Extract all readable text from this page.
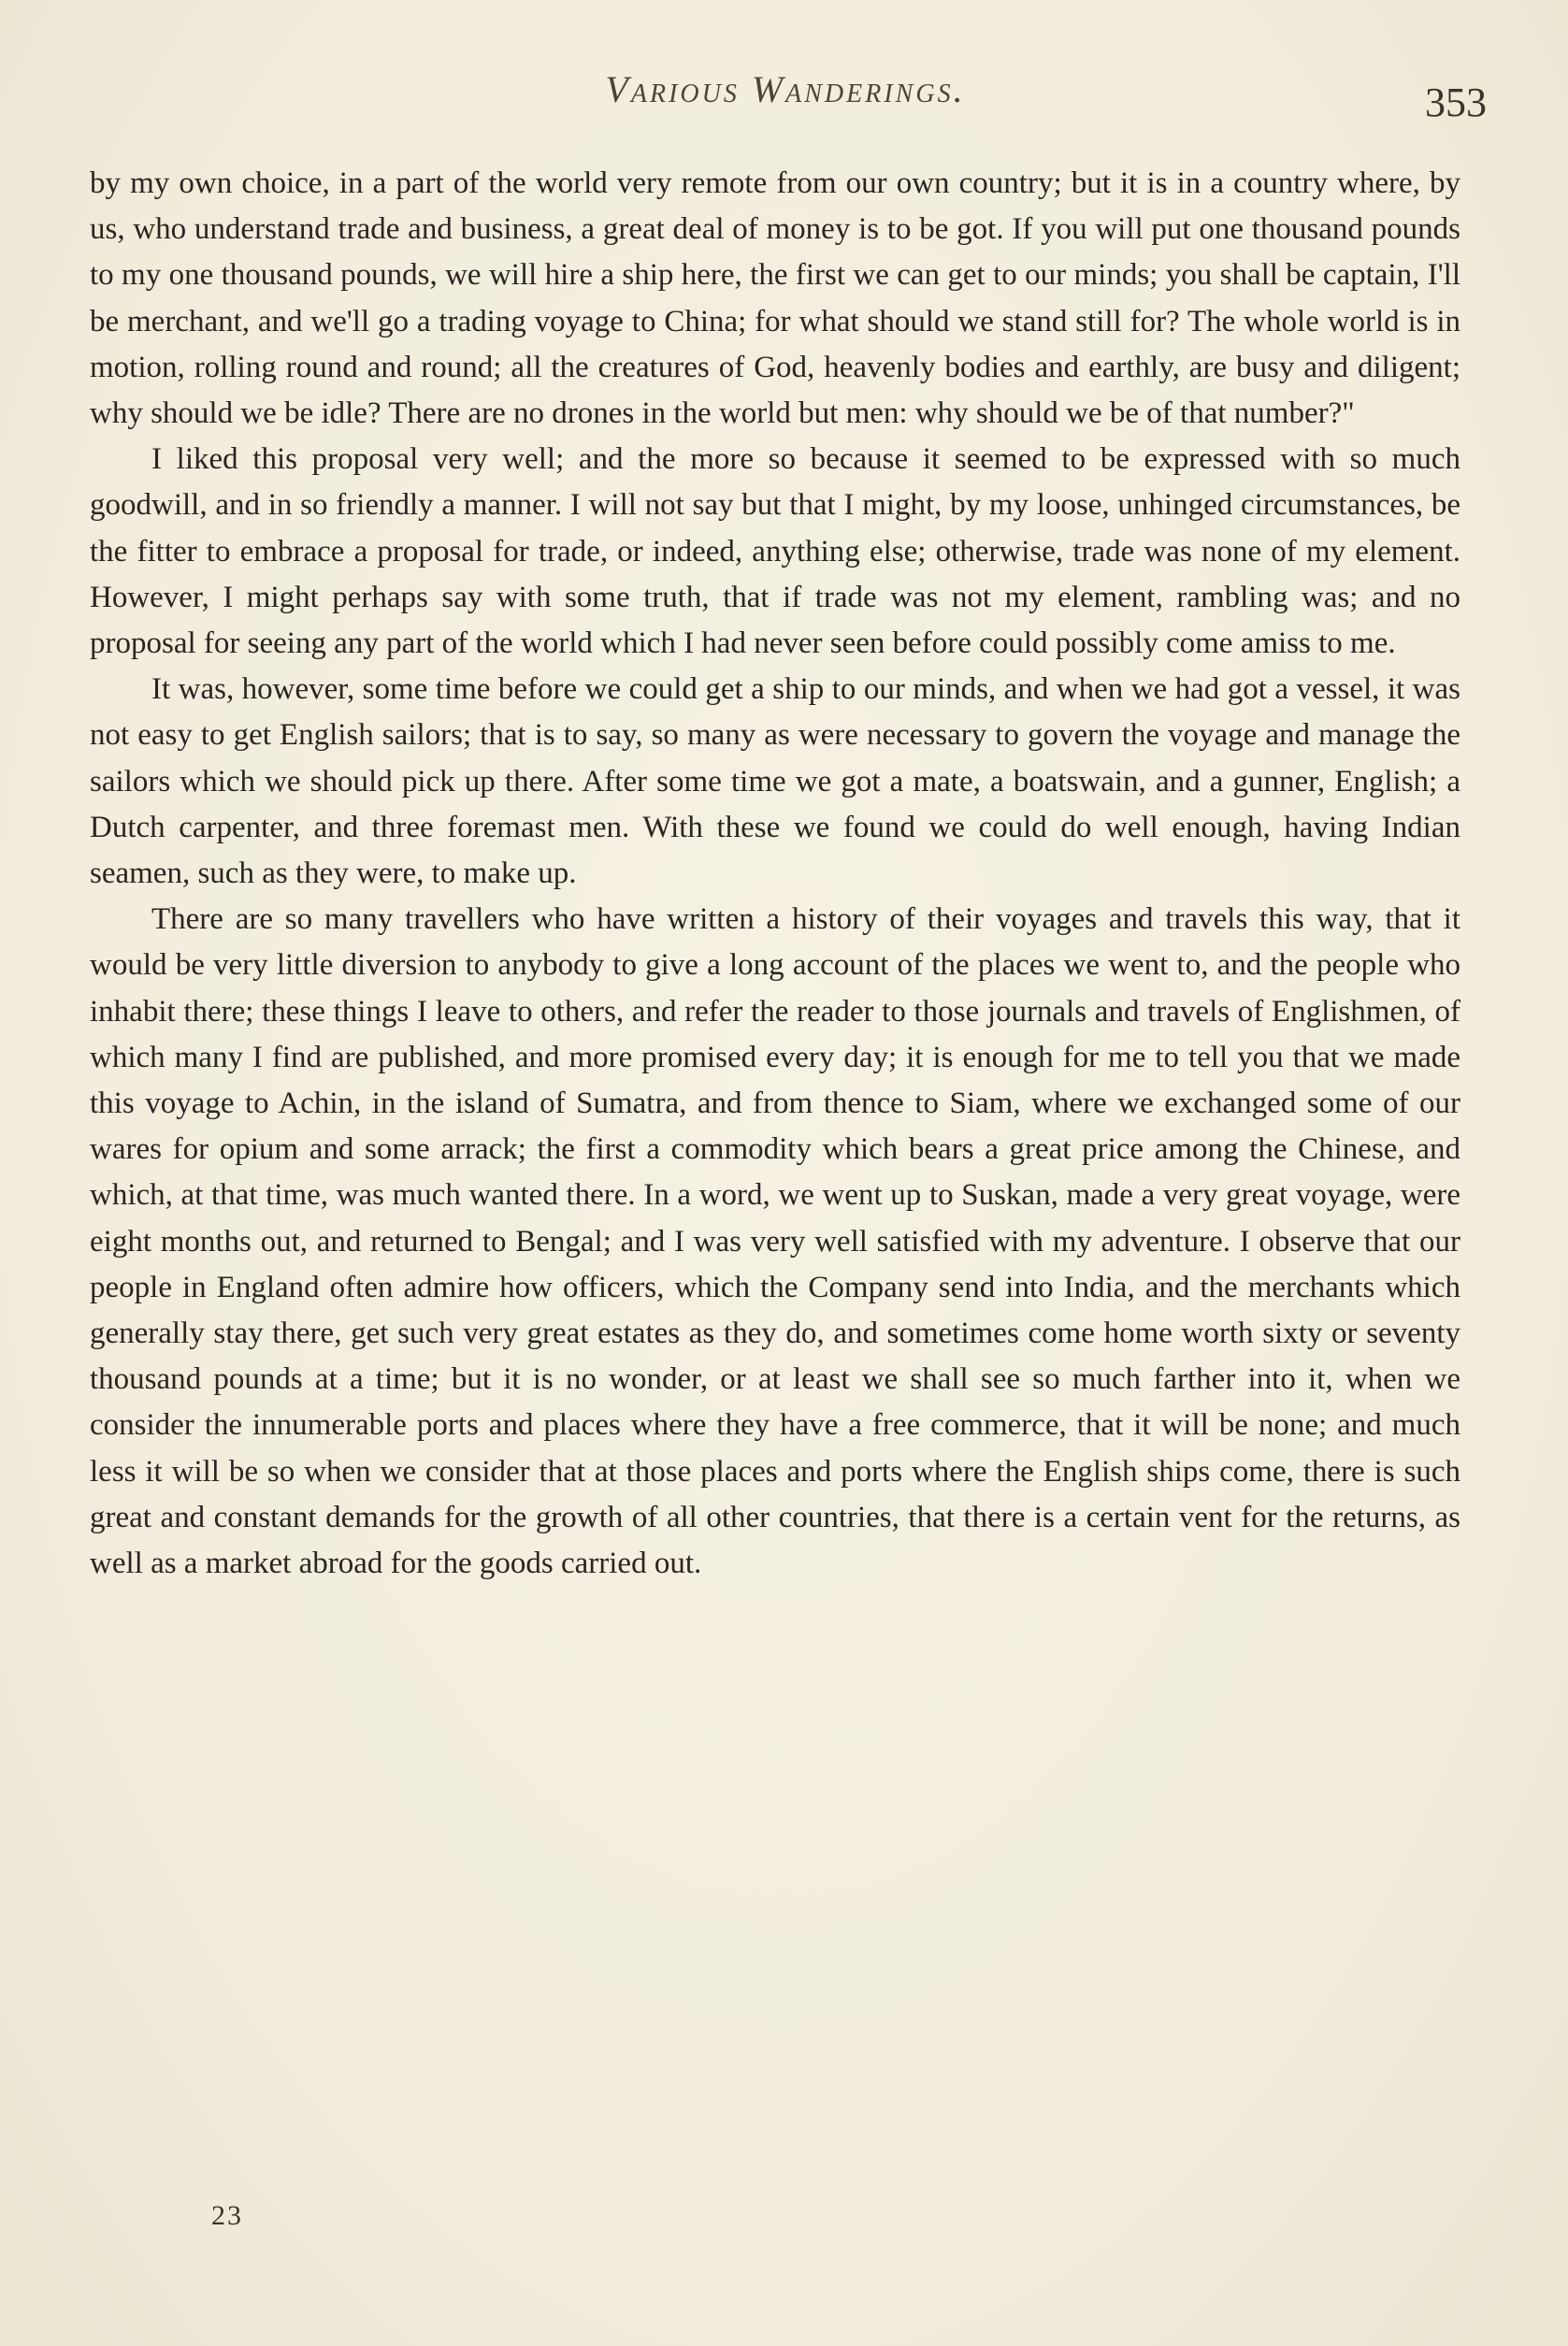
Various Wanderings.	353

by my own choice, in a part of the world very remote from our own country; but it is in a country where, by us, who understand trade and business, a great deal of money is to be got. If you will put one thousand pounds to my one thousand pounds, we will hire a ship here, the first we can get to our minds; you shall be captain, I'll be merchant, and we'll go a trading voyage to China; for what should we stand still for? The whole world is in motion, rolling round and round; all the creatures of God, heavenly bodies and earthly, are busy and diligent; why should we be idle? There are no drones in the world but men: why should we be of that number?"

I liked this proposal very well; and the more so because it seemed to be expressed with so much goodwill, and in so friendly a manner. I will not say but that I might, by my loose, unhinged circumstances, be the fitter to embrace a proposal for trade, or indeed, anything else; otherwise, trade was none of my element. However, I might perhaps say with some truth, that if trade was not my element, rambling was; and no proposal for seeing any part of the world which I had never seen before could possibly come amiss to me.

It was, however, some time before we could get a ship to our minds, and when we had got a vessel, it was not easy to get English sailors; that is to say, so many as were necessary to govern the voyage and manage the sailors which we should pick up there. After some time we got a mate, a boatswain, and a gunner, English; a Dutch carpenter, and three foremast men. With these we found we could do well enough, having Indian seamen, such as they were, to make up.

There are so many travellers who have written a history of their voyages and travels this way, that it would be very little diversion to anybody to give a long account of the places we went to, and the people who inhabit there; these things I leave to others, and refer the reader to those journals and travels of Englishmen, of which many I find are published, and more promised every day; it is enough for me to tell you that we made this voyage to Achin, in the island of Sumatra, and from thence to Siam, where we exchanged some of our wares for opium and some arrack; the first a commodity which bears a great price among the Chinese, and which, at that time, was much wanted there. In a word, we went up to Suskan, made a very great voyage, were eight months out, and returned to Bengal; and I was very well satisfied with my adventure. I observe that our people in England often admire how officers, which the Company send into India, and the merchants which generally stay there, get such very great estates as they do, and sometimes come home worth sixty or seventy thousand pounds at a time; but it is no wonder, or at least we shall see so much farther into it, when we consider the innumerable ports and places where they have a free commerce, that it will be none; and much less it will be so when we consider that at those places and ports where the English ships come, there is such great and constant demands for the growth of all other countries, that there is a certain vent for the returns, as well as a market abroad for the goods carried out.

23
